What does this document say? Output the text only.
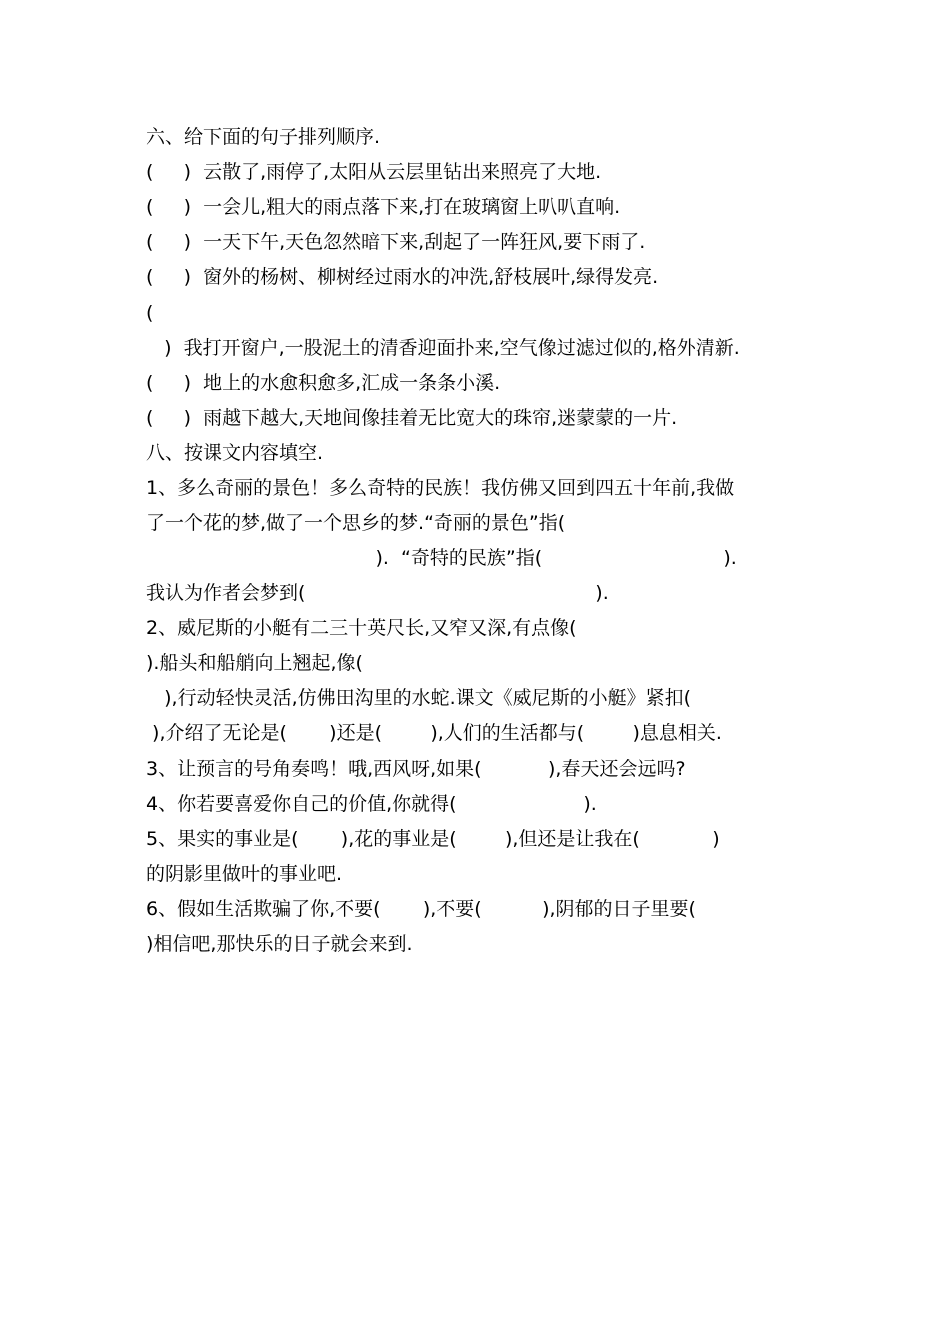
六、给下面的句子排列顺序.
(     )  云散了,雨停了,太阳从云层里钻出来照亮了大地.
(     )  一会儿,粗大的雨点落下来,打在玻璃窗上叭叭直响.
(     )  一天下午,天色忽然暗下来,刮起了一阵狂风,要下雨了.
(     )  窗外的杨树、柳树经过雨水的冲洗,舒枝展叶,绿得发亮.
(
)  我打开窗户,一股泥土的清香迎面扑来,空气像过滤过似的,格外清新.
(     )  地上的水愈积愈多,汇成一条条小溪.
(     )  雨越下越大,天地间像挂着无比宽大的珠帘,迷蒙蒙的一片.
八、按课文内容填空.
1、多么奇丽的景色！多么奇特的民族！我仿佛又回到四五十年前,我做
了一个花的梦,做了一个思乡的梦.“奇丽的景色”指(
).  “奇特的民族”指(                              ).
我认为作者会梦到(                                                ).
2、威尼斯的小艇有二三十英尺长,又窄又深,有点像(
).船头和船艄向上翘起,像(
),行动轻快灵活,仿佛田沟里的水蛇.课文《威尼斯的小艇》紧扣(
),介绍了无论是(       )还是(        ),人们的生活都与(        )息息相关.
3、让预言的号角奏鸣！哦,西风呀,如果(           ),春天还会远吗?
4、你若要喜爱你自己的价值,你就得(                     ).
5、果实的事业是(       ),花的事业是(        ),但还是让我在(            )
的阴影里做叶的事业吧.
6、假如生活欺骗了你,不要(       ),不要(          ),阴郁的日子里要(
)相信吧,那快乐的日子就会来到.
